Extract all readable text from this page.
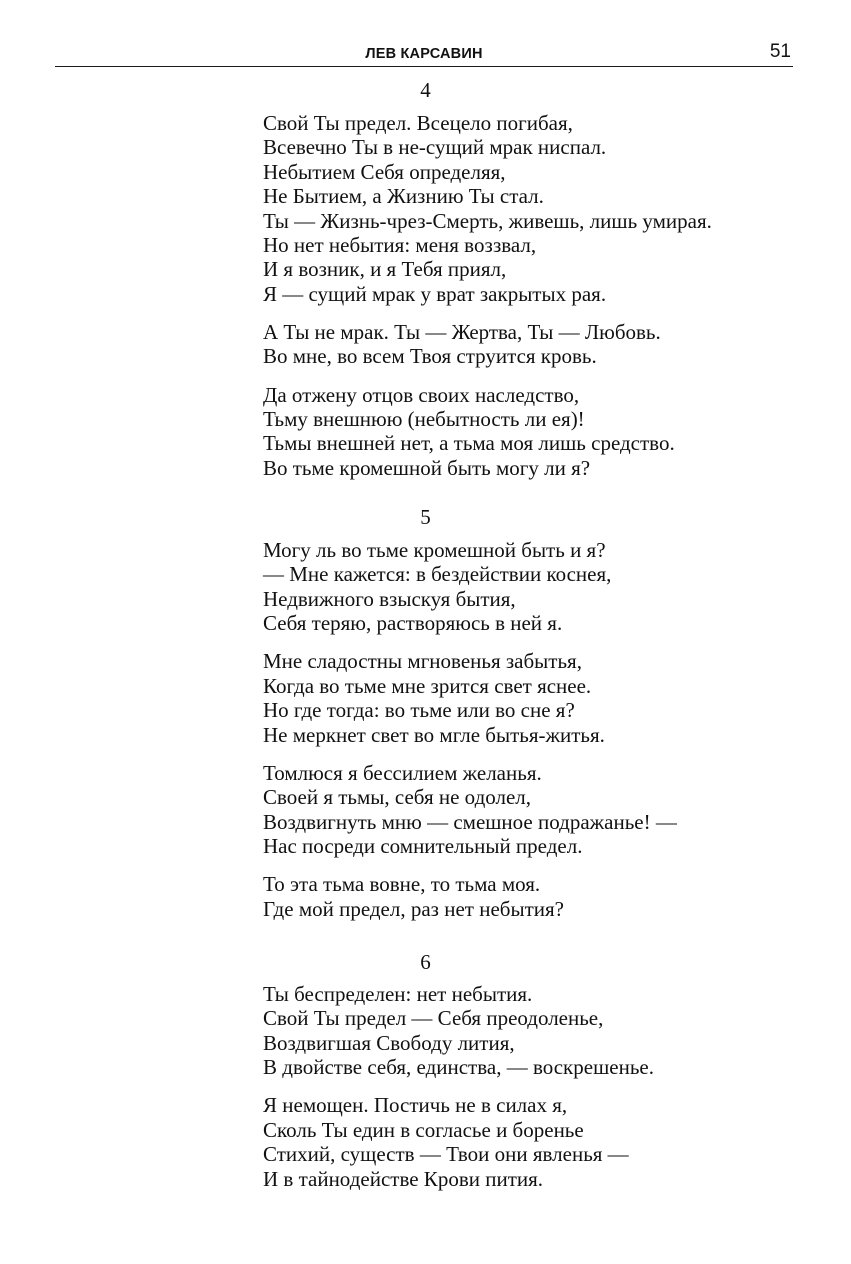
ЛЕВ КАРСАВИН	51
4
Свой Ты предел. Всецело погибая,
Всевечно Ты в не-сущий мрак ниспал.
Небытием Себя определяя,
Не Бытием, а Жизнию Ты стал.
Ты — Жизнь-чрез-Смерть, живешь, лишь умирая.
Но нет небытия: меня воззвал,
И я возник, и я Тебя приял,
Я — сущий мрак у врат закрытых рая.
А Ты не мрак. Ты — Жертва, Ты — Любовь.
Во мне, во всем Твоя струится кровь.
Да отжену отцов своих наследство,
Тьму внешнюю (небытность ли ея)!
Тьмы внешней нет, а тьма моя лишь средство.
Во тьме кромешной быть могу ли я?
5
Могу ль во тьме кромешной быть и я?
— Мне кажется: в бездействии коснея,
Недвижного взыскуя бытия,
Себя теряю, растворяюсь в ней я.
Мне сладостны мгновенья забытья,
Когда во тьме мне зрится свет яснее.
Но где тогда: во тьме или во сне я?
Не меркнет свет во мгле бытья-житья.
Томлюся я бессилием желанья.
Своей я тьмы, себя не одолел,
Воздвигнуть мню — смешное подражанье! —
Нас посреди сомнительный предел.
То эта тьма вовне, то тьма моя.
Где мой предел, раз нет небытия?
6
Ты беспределен: нет небытия.
Свой Ты предел — Себя преодоленье,
Воздвигшая Свободу лития,
В двойстве себя, единства, — воскрешенье.
Я немощен. Постичь не в силах я,
Сколь Ты един в согласье и боренье
Стихий, существ — Твои они явленья —
И в тайнодействе Крови пития.
